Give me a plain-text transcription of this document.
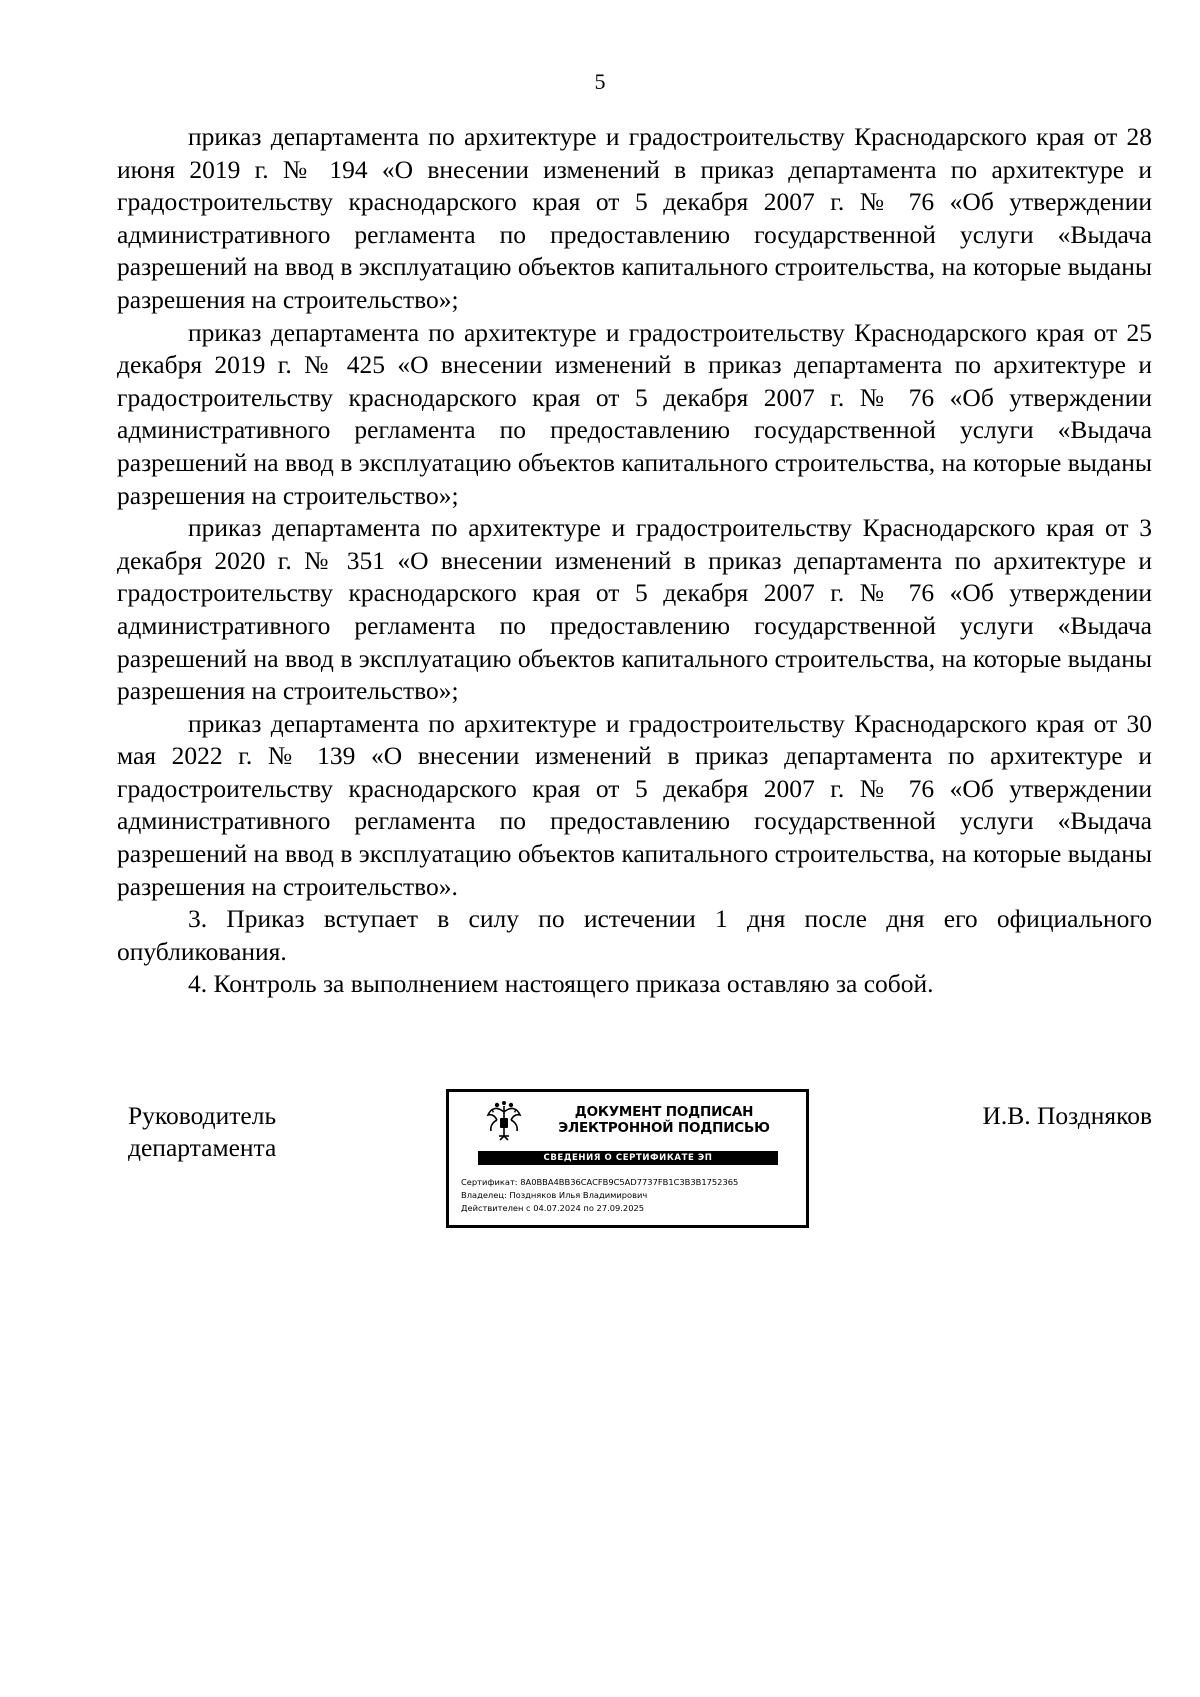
5

приказ департамента по архитектуре и градостроительству Краснодарского края от 28 июня 2019 г. № 194 «О внесении изменений в приказ департамента по архитектуре и градостроительству краснодарского края от 5 декабря 2007 г. № 76 «Об утверждении административного регламента по предоставлению государственной услуги «Выдача разрешений на ввод в эксплуатацию объектов капитального строительства, на которые выданы разрешения на строительство»;

приказ департамента по архитектуре и градостроительству Краснодарского края от 25 декабря 2019 г. № 425 «О внесении изменений в приказ департамента по архитектуре и градостроительству краснодарского края от 5 декабря 2007 г. № 76 «Об утверждении административного регламента по предоставлению государственной услуги «Выдача разрешений на ввод в эксплуатацию объектов капитального строительства, на которые выданы разрешения на строительство»;

приказ департамента по архитектуре и градостроительству Краснодарского края от 3 декабря 2020 г. № 351 «О внесении изменений в приказ департамента по архитектуре и градостроительству краснодарского края от 5 декабря 2007 г. № 76 «Об утверждении административного регламента по предоставлению государственной услуги «Выдача разрешений на ввод в эксплуатацию объектов капитального строительства, на которые выданы разрешения на строительство»;

приказ департамента по архитектуре и градостроительству Краснодарского края от 30 мая 2022 г. № 139 «О внесении изменений в приказ департамента по архитектуре и градостроительству краснодарского края от 5 декабря 2007 г. № 76 «Об утверждении административного регламента по предоставлению государственной услуги «Выдача разрешений на ввод в эксплуатацию объектов капитального строительства, на которые выданы разрешения на строительство».

3. Приказ вступает в силу по истечении 1 дня после дня его официального опубликования.

4. Контроль за выполнением настоящего приказа оставляю за собой.

Руководитель
департамента
ДОКУМЕНТ ПОДПИСАН
ЭЛЕКТРОННОЙ ПОДПИСЬЮ
СВЕДЕНИЯ О СЕРТИФИКАТЕ ЭП
Сертификат: 8A0BBA4BB36CACFB9C5AD7737FB1C3B3B1752365
Владелец: Поздняков Илья Владимирович
Действителен с 04.07.2024 по 27.09.2025
И.В. Поздняков
